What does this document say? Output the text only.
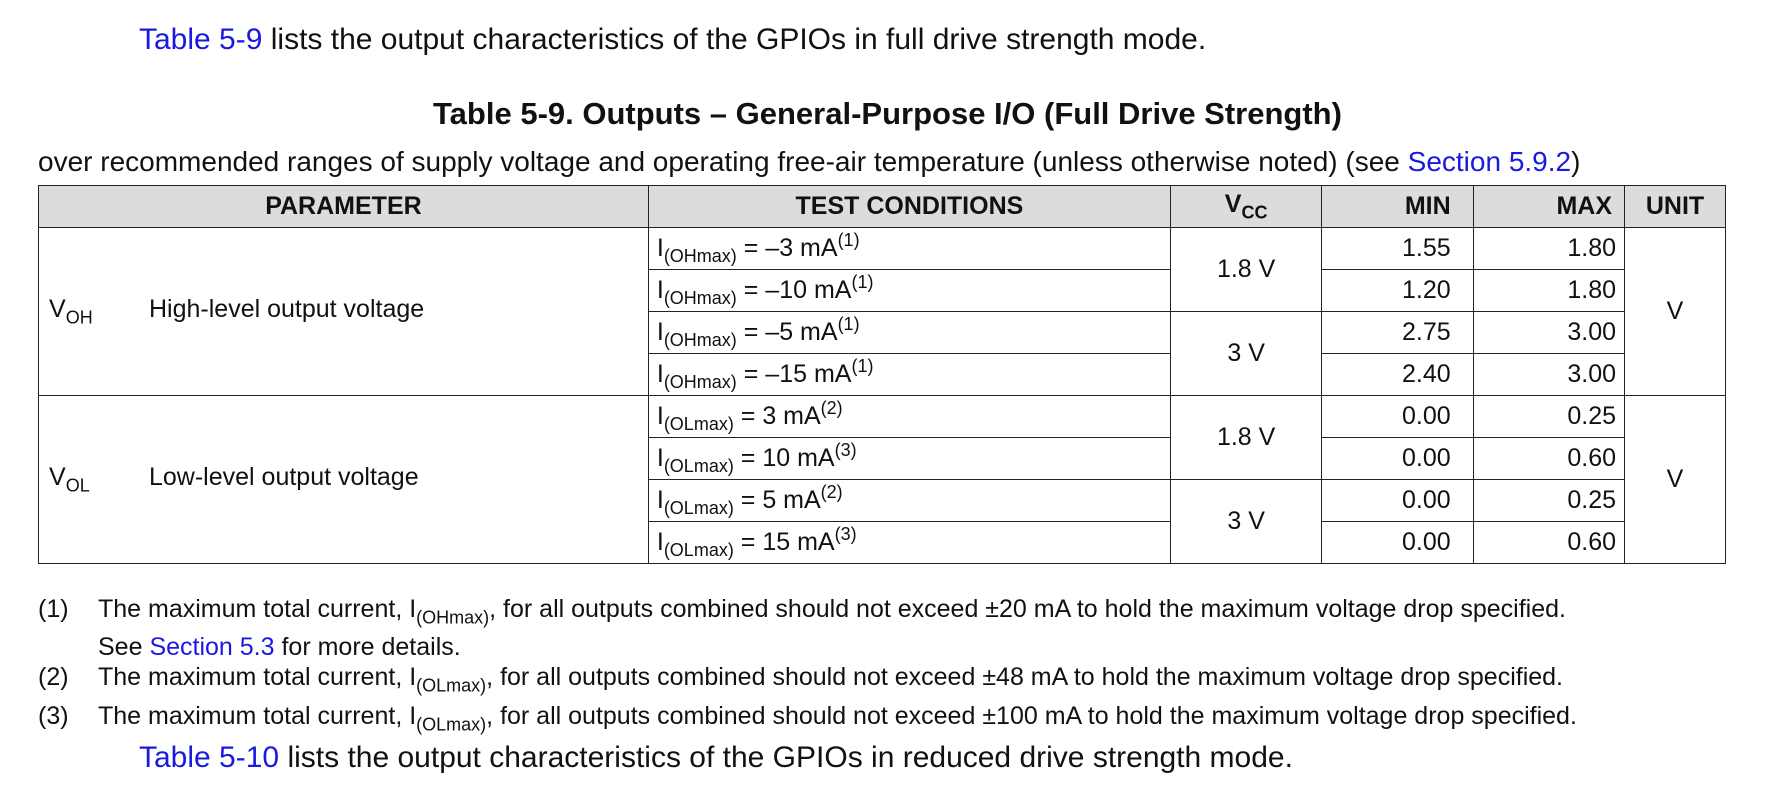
Table 5-9 lists the output characteristics of the GPIOs in full drive strength mode.

Table 5-9. Outputs – General-Purpose I/O (Full Drive Strength)
over recommended ranges of supply voltage and operating free-air temperature (unless otherwise noted) (see Section 5.9.2)
PARAMETER	TEST CONDITIONS	$V_{CC}$	MIN	MAX	UNIT
$V_{OH}$ High-level output voltage	$I_{(OHmax)} = -3$ $mA^{(1)}$	1.8 V	1.55	1.80	V
	$I_{(OHmax)} = -10$ $mA^{(1)}$		1.20	1.80	
	$I_{(OHmax)} = -5$ $mA^{(1)}$	3 V	2.75	3.00	
	$I_{(OHmax)} = -15$ $mA^{(1)}$		2.40	3.00	
$V_{OL}$ Low-level output voltage	$I_{(OLmax)} = 3$ $mA^{(2)}$	1.8 V	0.00	0.25	V
	$I_{(OLmax)} = 10$ $mA^{(3)}$		0.00	0.60	
	$I_{(OLmax)} = 5$ $mA^{(2)}$	3 V	0.00	0.25	
	$I_{(OLmax)} = 15$ $mA^{(3)}$		0.00	0.60	
(1)	The maximum total current, $I_{(OHmax)}$, for all outputs combined should not exceed ±20 mA to hold the maximum voltage drop specified.
See Section 5.3 for more details.
(2)	The maximum total current, $I_{(OLmax)}$, for all outputs combined should not exceed ±48 mA to hold the maximum voltage drop specified.
(3)	The maximum total current, $I_{(OLmax)}$, for all outputs combined should not exceed ±100 mA to hold the maximum voltage drop specified.

Table 5-10 lists the output characteristics of the GPIOs in reduced drive strength mode.
